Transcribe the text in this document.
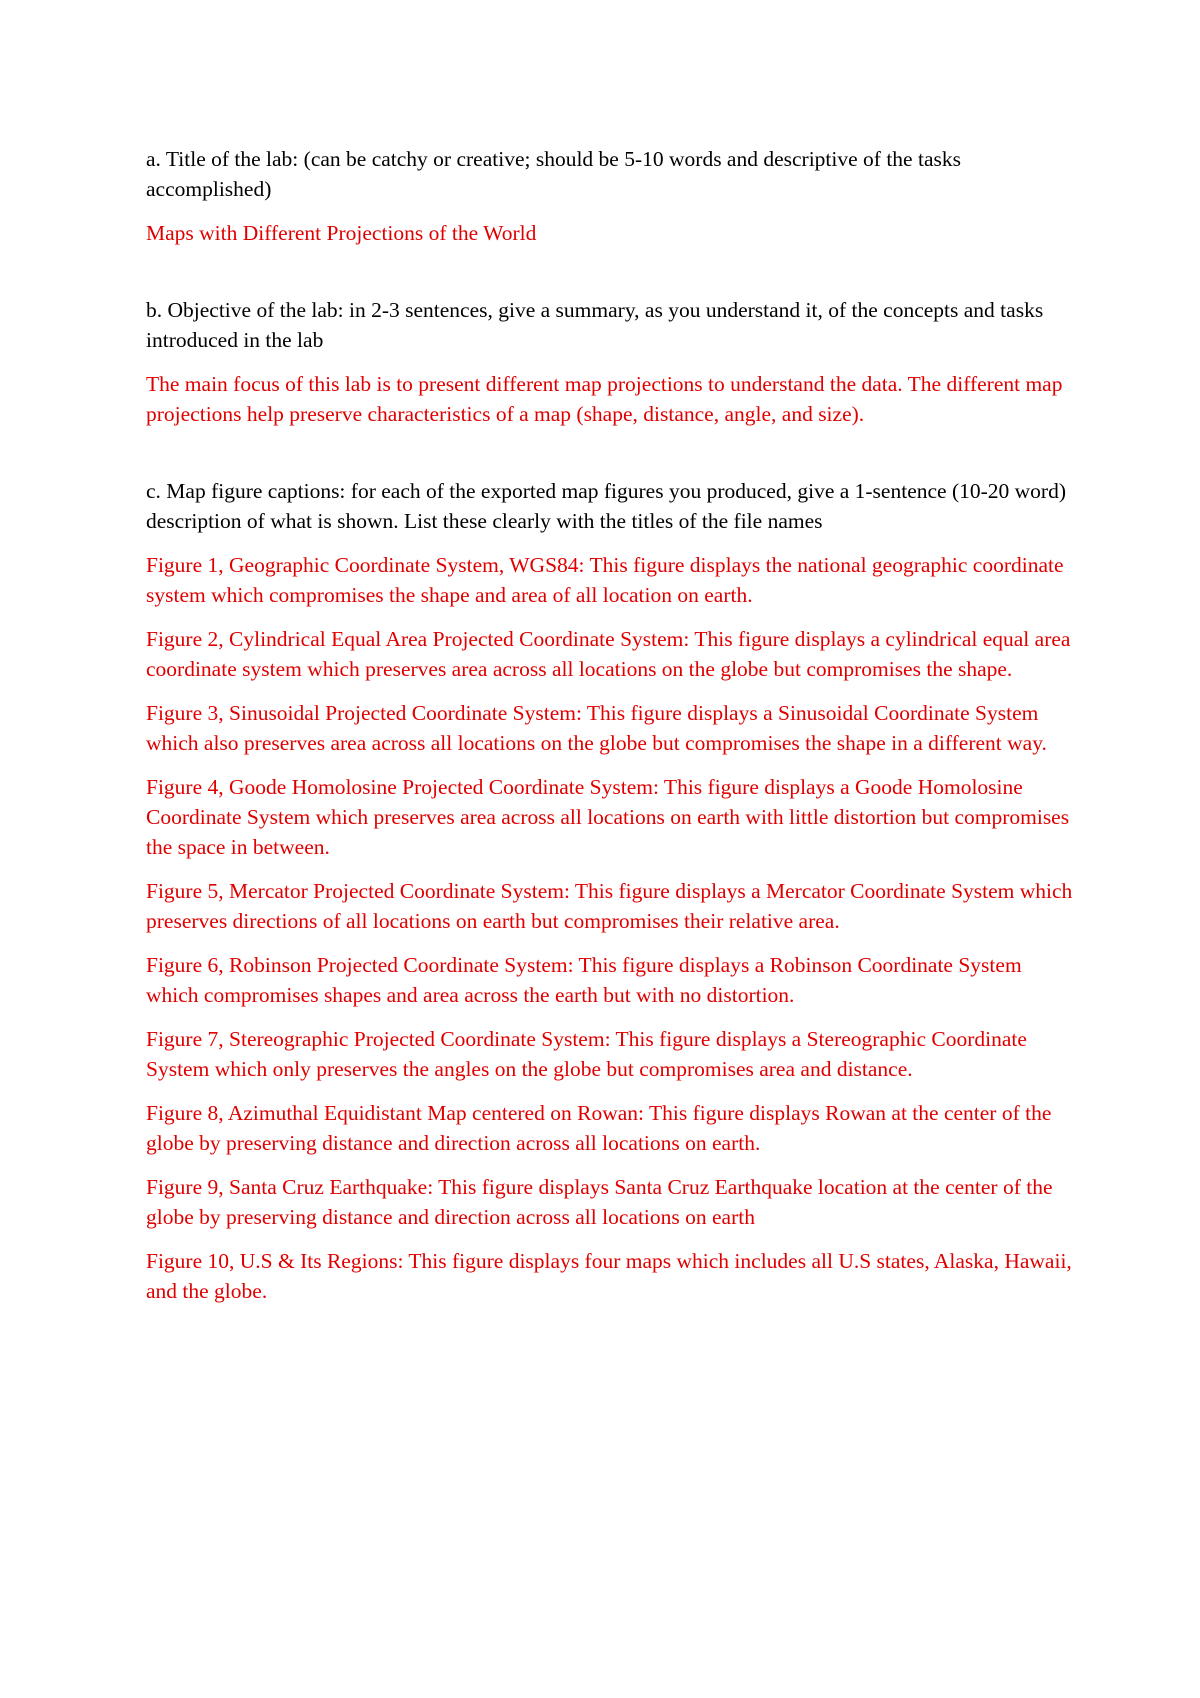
a. Title of the lab: (can be catchy or creative; should be 5-10 words and descriptive of the tasks accomplished)

Maps with Different Projections of the World

b. Objective of the lab: in 2-3 sentences, give a summary, as you understand it, of the concepts and tasks introduced in the lab

The main focus of this lab is to present different map projections to understand the data. The different map projections help preserve characteristics of a map (shape, distance, angle, and size).

c. Map figure captions: for each of the exported map figures you produced, give a 1-sentence (10-20 word) description of what is shown. List these clearly with the titles of the file names

Figure 1, Geographic Coordinate System, WGS84: This figure displays the national geographic coordinate system which compromises the shape and area of all location on earth.

Figure 2, Cylindrical Equal Area Projected Coordinate System: This figure displays a cylindrical equal area coordinate system which preserves area across all locations on the globe but compromises the shape.

Figure 3, Sinusoidal Projected Coordinate System: This figure displays a Sinusoidal Coordinate System which also preserves area across all locations on the globe but compromises the shape in a different way.

Figure 4, Goode Homolosine Projected Coordinate System: This figure displays a Goode Homolosine Coordinate System which preserves area across all locations on earth with little distortion but compromises the space in between.

Figure 5, Mercator Projected Coordinate System: This figure displays a Mercator Coordinate System which preserves directions of all locations on earth but compromises their relative area.

Figure 6, Robinson Projected Coordinate System: This figure displays a Robinson Coordinate System which compromises shapes and area across the earth but with no distortion.

Figure 7, Stereographic Projected Coordinate System: This figure displays a Stereographic Coordinate System which only preserves the angles on the globe but compromises area and distance.

Figure 8, Azimuthal Equidistant Map centered on Rowan: This figure displays Rowan at the center of the globe by preserving distance and direction across all locations on earth.

Figure 9, Santa Cruz Earthquake: This figure displays Santa Cruz Earthquake location at the center of the globe by preserving distance and direction across all locations on earth

Figure 10, U.S & Its Regions: This figure displays four maps which includes all U.S states, Alaska, Hawaii, and the globe.
